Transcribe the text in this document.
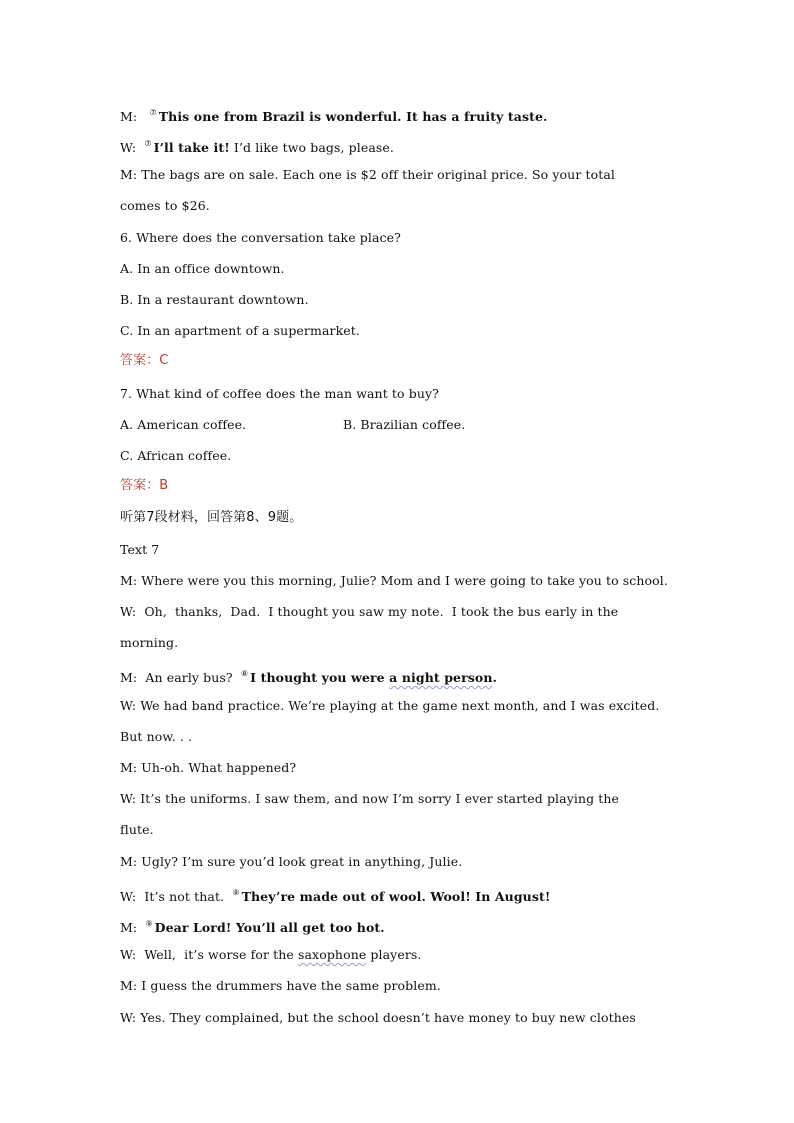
M: ⑦ This one from Brazil is wonderful. It has a fruity taste.
W: ⑦ I’ll take it! I’d like two bags, please.
M: The bags are on sale. Each one is $2 off their original price. So your total
comes to $26.
6. Where does the conversation take place?
A. In an office downtown.
B. In a restaurant downtown.
C. In an apartment of a supermarket.
答案：C
7. What kind of coffee does the man want to buy?
A. American coffee.	B. Brazilian coffee.
C. African coffee.
答案：B
听第7段材料，回答第8、9题。
Text 7
M: Where were you this morning, Julie? Mom and I were going to take you to school.
W:  Oh,  thanks,  Dad.  I thought you saw my note.  I took the bus early in the
morning.
M:  An early bus?  ⑧ I thought you were a night person.
W: We had band practice. We’re playing at the game next month, and I was excited.
But now. . .
M: Uh-oh. What happened?
W: It’s the uniforms. I saw them, and now I’m sorry I ever started playing the
flute.
M: Ugly? I’m sure you’d look great in anything, Julie.
W:  It’s not that.  ⑨ They’re made out of wool. Wool! In August!
M:  ⑨ Dear Lord! You’ll all get too hot.
W:  Well,  it’s worse for the saxophone players.
M: I guess the drummers have the same problem.
W: Yes. They complained, but the school doesn’t have money to buy new clothes
